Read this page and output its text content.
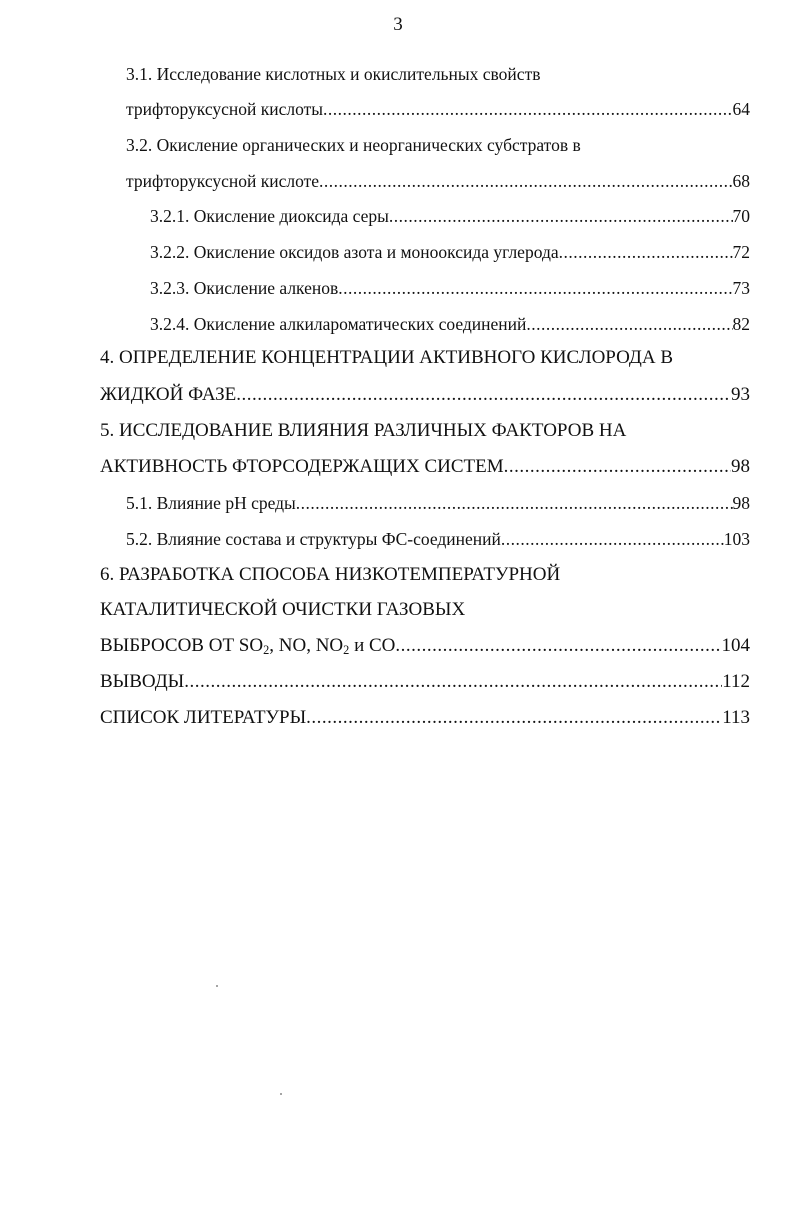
3
3.1. Исследование кислотных и окислительных свойств
трифторуксусной кислоты .....	64
3.2. Окисление органических и неорганических субстратов в
трифторуксусной кислоте .....	68
3.2.1. Окисление диоксида серы .....	70
3.2.2. Окисление оксидов азота и монооксида углерода .....	72
3.2.3. Окисление алкенов .....	73
3.2.4. Окисление алкилароматических соединений .....	82
4. ОПРЕДЕЛЕНИЕ КОНЦЕНТРАЦИИ АКТИВНОГО КИСЛОРОДА В
ЖИДКОЙ ФАЗЕ .....	93
5. ИССЛЕДОВАНИЕ ВЛИЯНИЯ РАЗЛИЧНЫХ ФАКТОРОВ НА
АКТИВНОСТЬ ФТОРСОДЕРЖАЩИХ СИСТЕМ .....	98
5.1. Влияние pH среды .....	98
5.2. Влияние состава и структуры ФС-соединений .....	103
6. РАЗРАБОТКА СПОСОБА НИЗКОТЕМПЕРАТУРНОЙ
КАТАЛИТИЧЕСКОЙ ОЧИСТКИ ГАЗОВЫХ
ВЫБРОСОВ ОТ $SO_2$, NO, $NO_2$ и CO .....	104
ВЫВОДЫ .....	112
СПИСОК ЛИТЕРАТУРЫ .....	113
